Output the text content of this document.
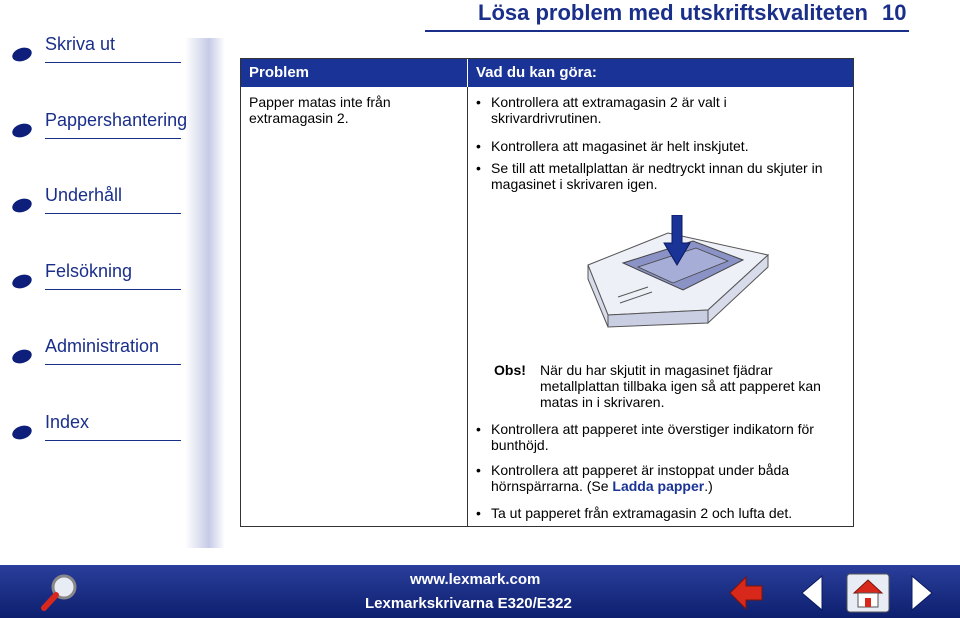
Lösa problem med utskriftskvaliteten 10
Skriva ut
Pappershantering
Underhåll
Felsökning
Administration
Index
Problem	Vad du kan göra:
Papper matas inte från extramagasin 2.
• Kontrollera att extramagasin 2 är valt i skrivardrivrutinen.
• Kontrollera att magasinet är helt inskjutet.
• Se till att metallplattan är nedtryckt innan du skjuter in magasinet i skrivaren igen.
Obs! När du har skjutit in magasinet fjädrar metallplattan tillbaka igen så att papperet kan matas in i skrivaren.
• Kontrollera att papperet inte överstiger indikatorn för bunthöjd.
• Kontrollera att papperet är instoppat under båda hörnspärrarna. (Se Ladda papper.)
• Ta ut papperet från extramagasin 2 och lufta det.
www.lexmark.com
Lexmarkskrivarna E320/E322
